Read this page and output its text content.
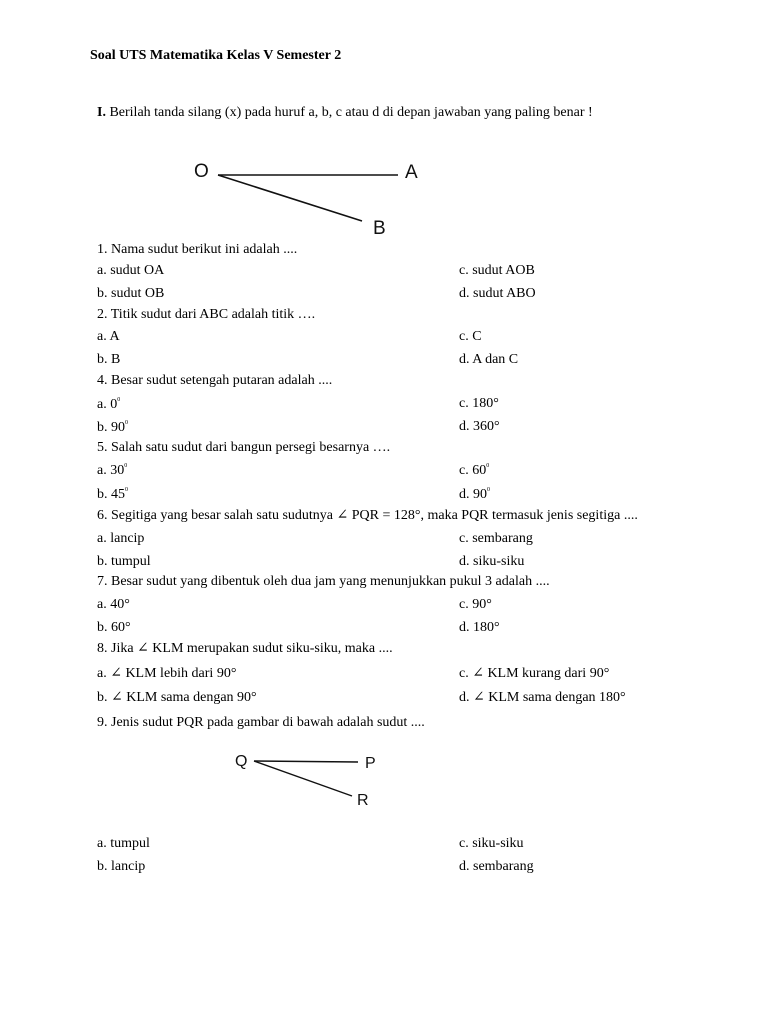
Soal UTS Matematika Kelas V Semester 2
I. Berilah tanda silang (x) pada huruf a, b, c atau d di depan jawaban yang paling benar !
O	A
B
1. Nama sudut berikut ini adalah ....
a. sudut OA	c. sudut AOB
b. sudut OB	d. sudut ABO
2. Titik sudut dari ABC adalah titik ….
a. A	c. C
b. B	d. A dan C
4. Besar sudut setengah putaran adalah ....
a. $0^0$	c. 180°
b. $90^0$	d. 360°
5. Salah satu sudut dari bangun persegi besarnya ….
a. $30^0$	c. $60^0$
b. $45^0$	d. $90^0$
6. Segitiga yang besar salah satu sudutnya ∠ PQR = 128°, maka PQR termasuk jenis segitiga ....
a. lancip	c. sembarang
b. tumpul	d. siku-siku
7. Besar sudut yang dibentuk oleh dua jam yang menunjukkan pukul 3 adalah ....
a. 40°	c. 90°
b. 60°	d. 180°
8. Jika ∠ KLM merupakan sudut siku-siku, maka ....
a. ∠ KLM lebih dari 90°	c. ∠ KLM kurang dari 90°
b. ∠ KLM sama dengan 90°	d. ∠ KLM sama dengan 180°
9. Jenis sudut PQR pada gambar di bawah adalah sudut ....
Q	P
R
a. tumpul	c. siku-siku
b. lancip	d. sembarang
